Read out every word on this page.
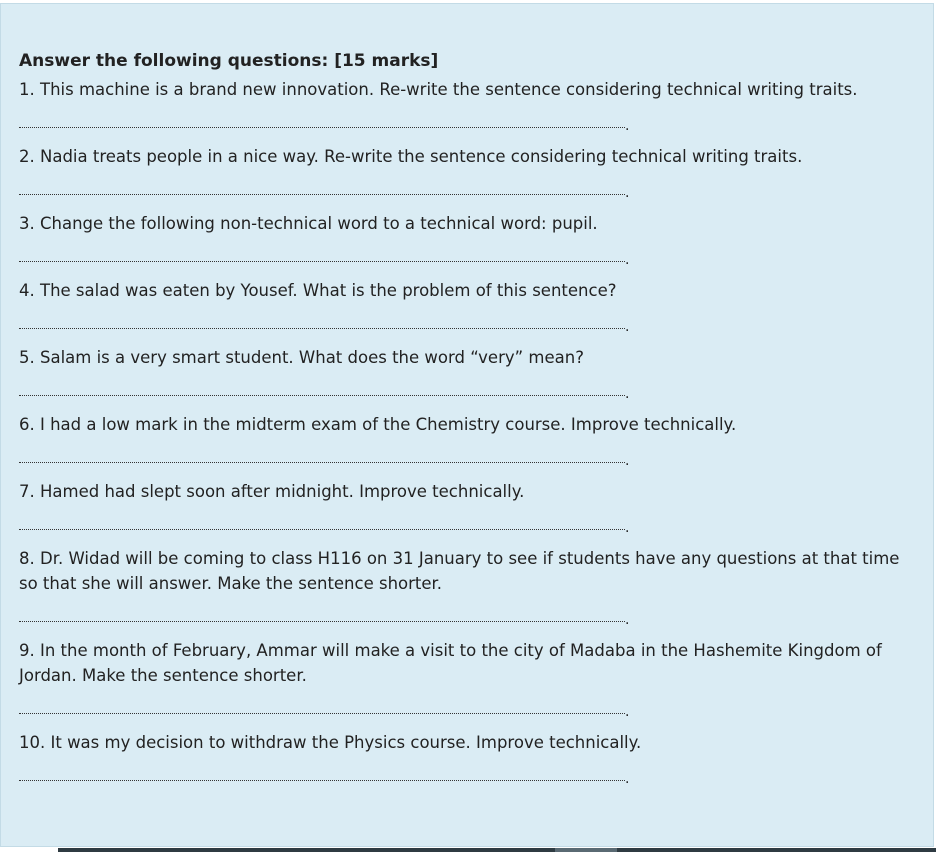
Answer the following questions: [15 marks]

1. This machine is a brand new innovation. Re-write the sentence considering technical writing traits.

.

2. Nadia treats people in a nice way. Re-write the sentence considering technical writing traits.

.

3. Change the following non-technical word to a technical word: pupil.

.

4. The salad was eaten by Yousef. What is the problem of this sentence?

.

5. Salam is a very smart student. What does the word “very” mean?

.

6. I had a low mark in the midterm exam of the Chemistry course. Improve technically.

.

7. Hamed had slept soon after midnight. Improve technically.

.

8. Dr. Widad will be coming to class H116 on 31 January to see if students have any questions at that time so that she will answer. Make the sentence shorter.

.

9. In the month of February, Ammar will make a visit to the city of Madaba in the Hashemite Kingdom of Jordan. Make the sentence shorter.

.

10. It was my decision to withdraw the Physics course. Improve technically.

.
